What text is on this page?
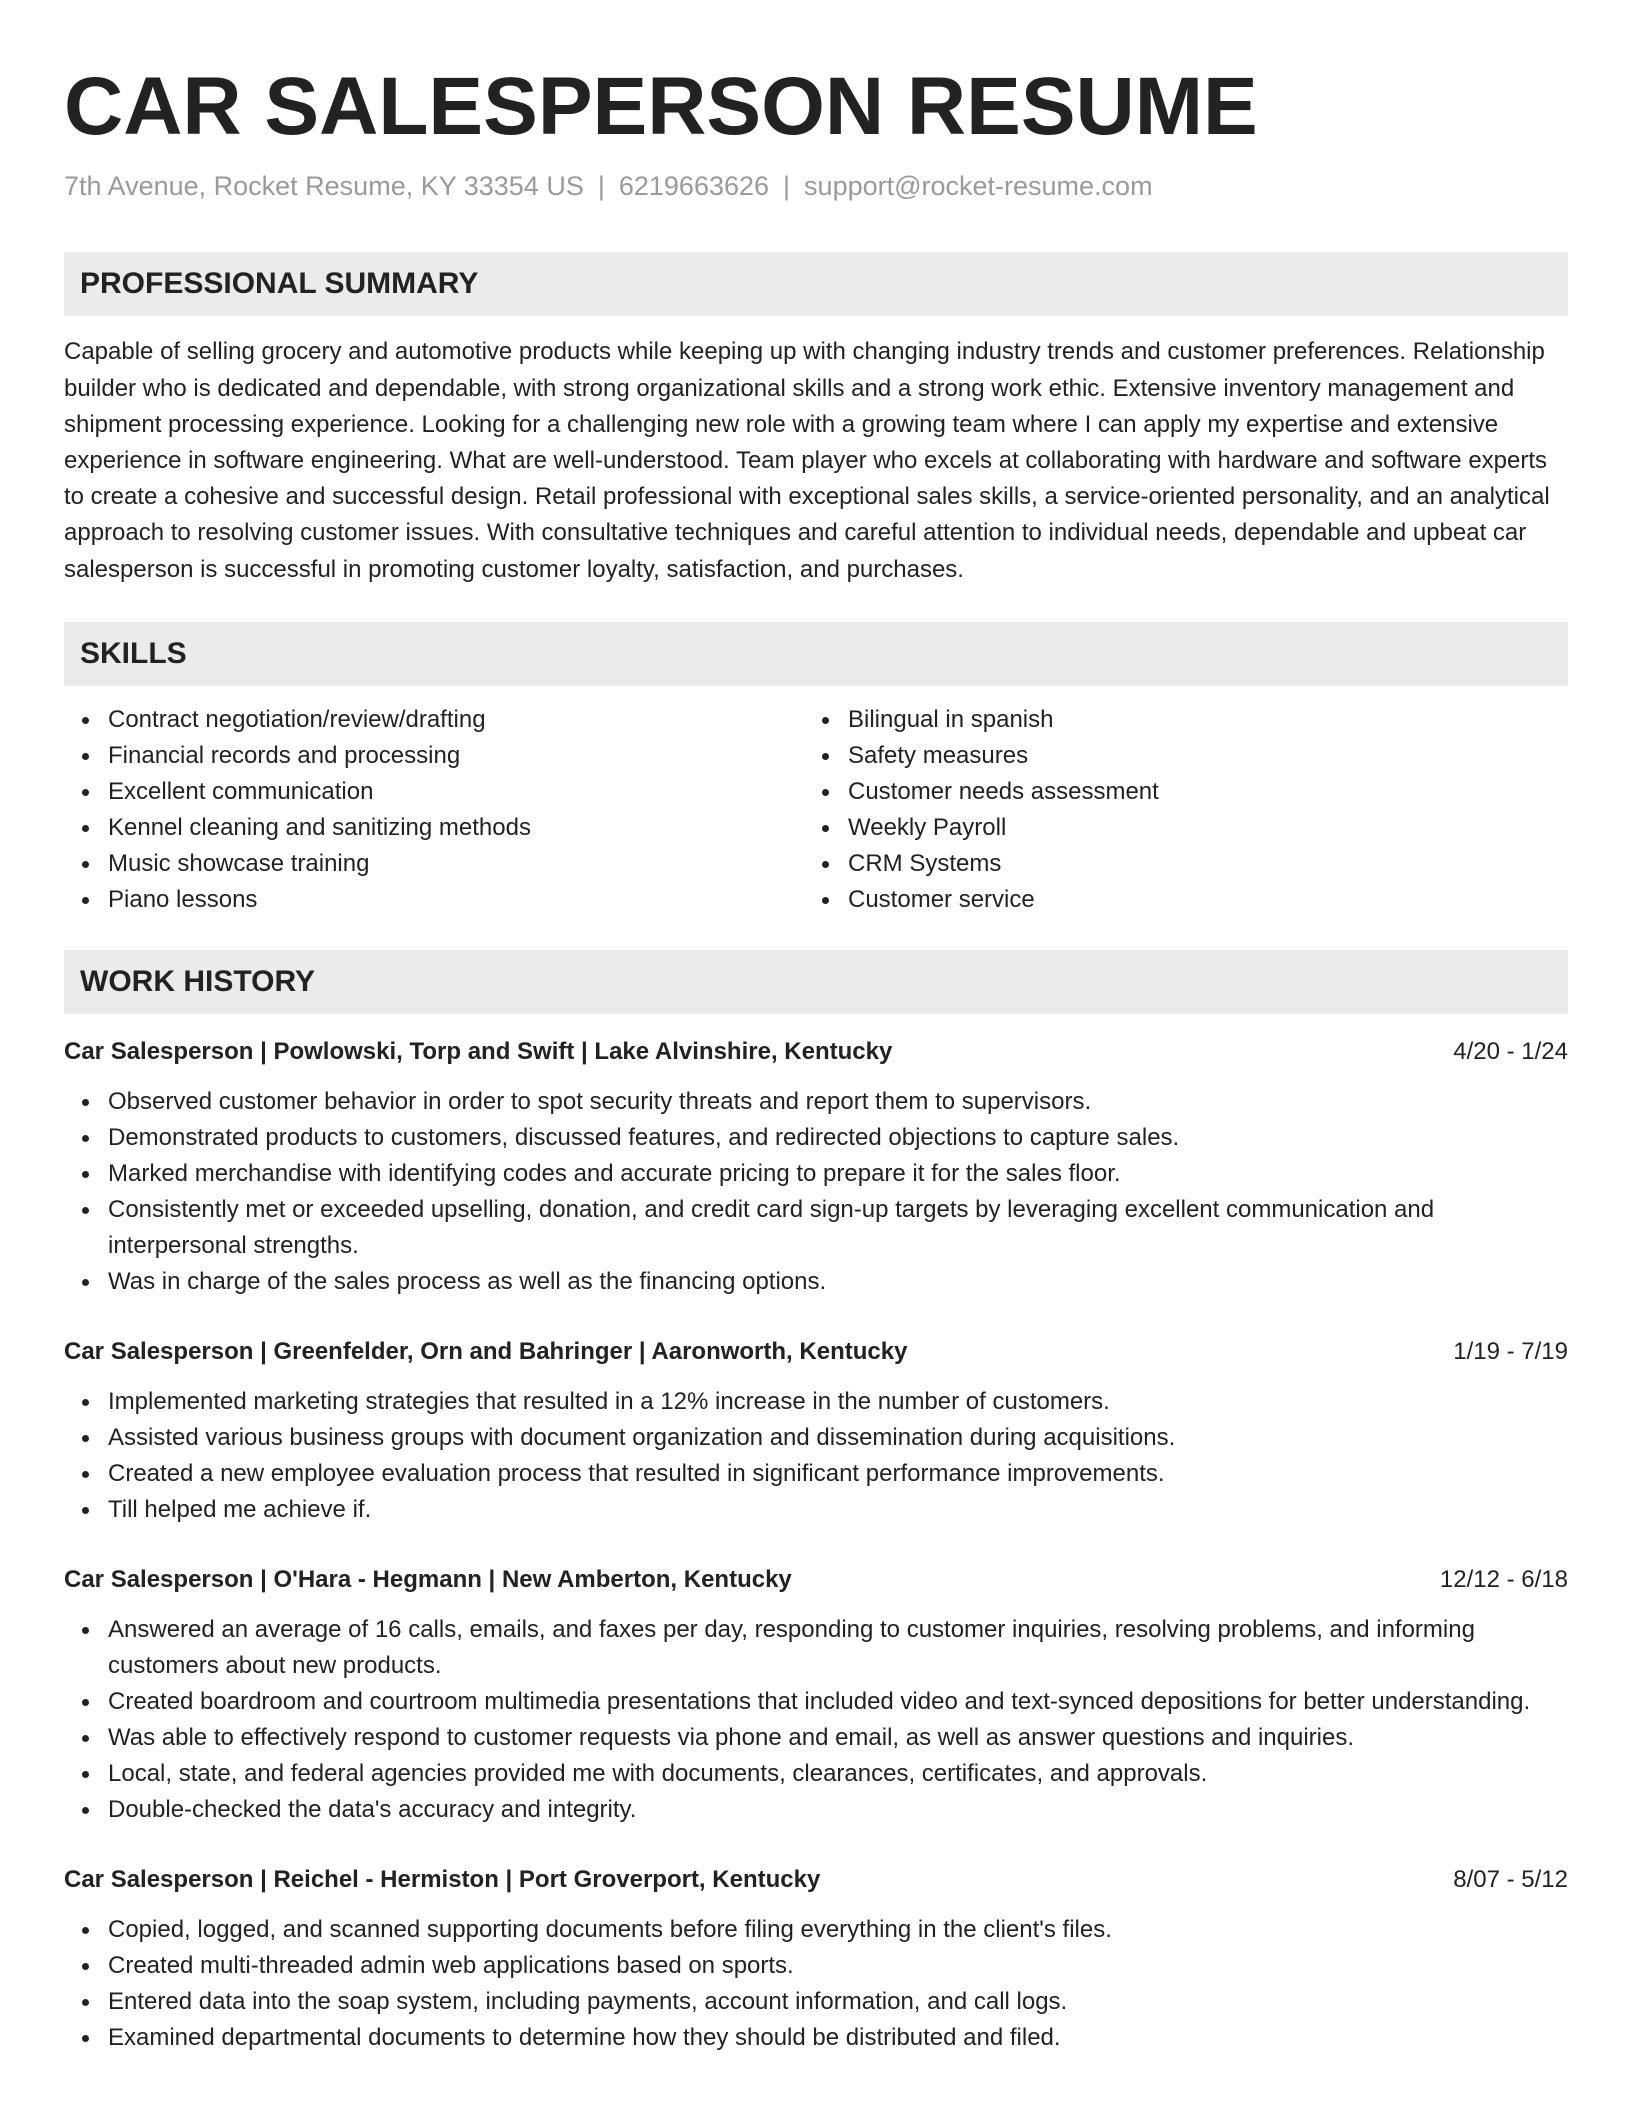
CAR SALESPERSON RESUME
7th Avenue, Rocket Resume, KY 33354 US | 6219663626 | support@rocket-resume.com
PROFESSIONAL SUMMARY
Capable of selling grocery and automotive products while keeping up with changing industry trends and customer preferences. Relationship builder who is dedicated and dependable, with strong organizational skills and a strong work ethic. Extensive inventory management and shipment processing experience. Looking for a challenging new role with a growing team where I can apply my expertise and extensive experience in software engineering. What are well-understood. Team player who excels at collaborating with hardware and software experts to create a cohesive and successful design. Retail professional with exceptional sales skills, a service-oriented personality, and an analytical approach to resolving customer issues. With consultative techniques and careful attention to individual needs, dependable and upbeat car salesperson is successful in promoting customer loyalty, satisfaction, and purchases.
SKILLS
Contract negotiation/review/drafting
Financial records and processing
Excellent communication
Kennel cleaning and sanitizing methods
Music showcase training
Piano lessons
Bilingual in spanish
Safety measures
Customer needs assessment
Weekly Payroll
CRM Systems
Customer service
WORK HISTORY
Car Salesperson | Powlowski, Torp and Swift | Lake Alvinshire, Kentucky	4/20 - 1/24
Observed customer behavior in order to spot security threats and report them to supervisors.
Demonstrated products to customers, discussed features, and redirected objections to capture sales.
Marked merchandise with identifying codes and accurate pricing to prepare it for the sales floor.
Consistently met or exceeded upselling, donation, and credit card sign-up targets by leveraging excellent communication and interpersonal strengths.
Was in charge of the sales process as well as the financing options.
Car Salesperson | Greenfelder, Orn and Bahringer | Aaronworth, Kentucky	1/19 - 7/19
Implemented marketing strategies that resulted in a 12% increase in the number of customers.
Assisted various business groups with document organization and dissemination during acquisitions.
Created a new employee evaluation process that resulted in significant performance improvements.
Till helped me achieve if.
Car Salesperson | O'Hara - Hegmann | New Amberton, Kentucky	12/12 - 6/18
Answered an average of 16 calls, emails, and faxes per day, responding to customer inquiries, resolving problems, and informing customers about new products.
Created boardroom and courtroom multimedia presentations that included video and text-synced depositions for better understanding.
Was able to effectively respond to customer requests via phone and email, as well as answer questions and inquiries.
Local, state, and federal agencies provided me with documents, clearances, certificates, and approvals.
Double-checked the data's accuracy and integrity.
Car Salesperson | Reichel - Hermiston | Port Groverport, Kentucky	8/07 - 5/12
Copied, logged, and scanned supporting documents before filing everything in the client's files.
Created multi-threaded admin web applications based on sports.
Entered data into the soap system, including payments, account information, and call logs.
Examined departmental documents to determine how they should be distributed and filed.
